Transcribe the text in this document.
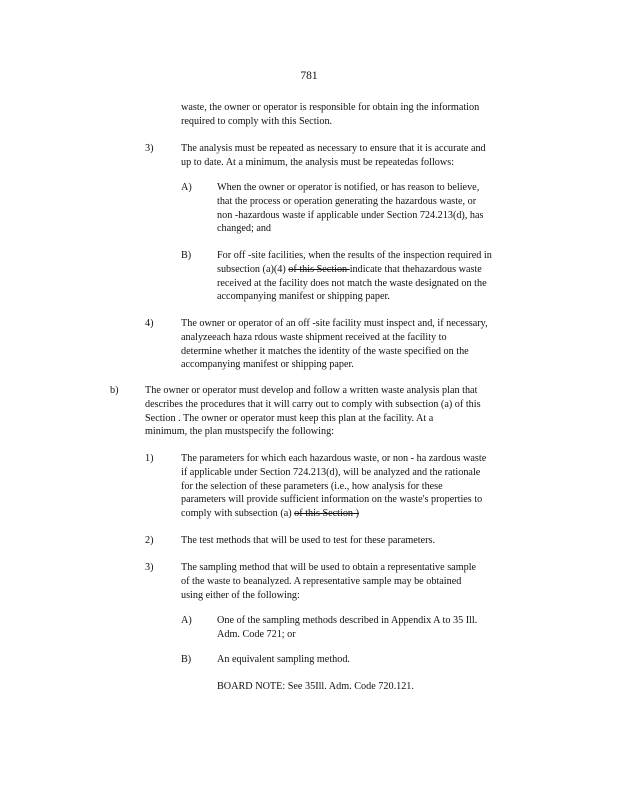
781

waste, the owner or operator is responsible for obtain ing the information

required to comply with this Section.

3)	The analysis must be repeated as necessary to ensure that it is accurate and

up to date. At a minimum, the analysis must be repeatedas follows:

A) When the owner or operator is notified, or has reason to believe,

that the process or operation generating the hazardous waste, or

non -hazardous waste if applicable under Section 724.213(d), has

changed; and

B)	For off -site facilities, when the results of the inspection required in

subsection (a)(4) of this Section indicate that thehazardous waste

received at the facility does not match the waste designated on the

accompanying manifest or shipping paper.

4)	The owner or operator of an off -site facility must inspect and, if necessary,

analyzeeach haza rdous waste shipment received at the facility to

determine whether it matches the identity of the waste specified on the

accompanying manifest or shipping paper.

b)	The owner or operator must develop and follow a written waste analysis plan that

describes the procedures that it will carry out to comply with subsection (a) of this

Section . The owner or operator must keep this plan at the facility. At a

minimum, the plan mustspecify the following:

1)	The parameters for which each hazardous waste, or non - ha zardous waste

if applicable under Section 724.213(d), will be analyzed and the rationale

for the selection of these parameters (i.e., how analysis for these

parameters will provide sufficient information on the waste's properties to

comply with subsection (a) of this Section )

2)	The test methods that will be used to test for these parameters.

3)	The sampling method that will be used to obtain a representative sample

of the waste to beanalyzed. A representative sample may be obtained

using either of the following:

A) One of the sampling methods described in Appendix A to 35 Ill.

Adm. Code 721; or

B)	An equivalent sampling method.

BOARD NOTE: See 35Ill. Adm. Code 720.121.
